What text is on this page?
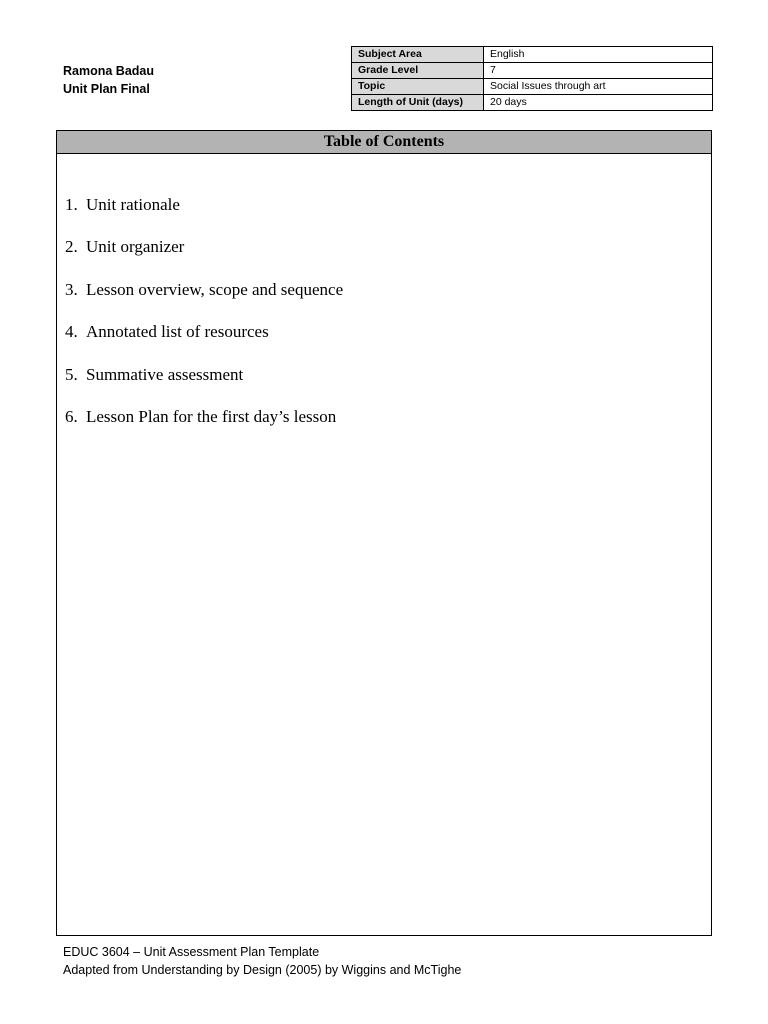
Ramona Badau
Unit Plan Final
Subject Area	English
Grade Level	7
Topic	Social Issues through art
Length of Unit (days)	20 days
Table of Contents
1. Unit rationale
2. Unit organizer
3. Lesson overview, scope and sequence
4. Annotated list of resources
5. Summative assessment
6. Lesson Plan for the first day’s lesson
EDUC 3604 – Unit Assessment Plan Template
Adapted from Understanding by Design (2005) by Wiggins and McTighe
